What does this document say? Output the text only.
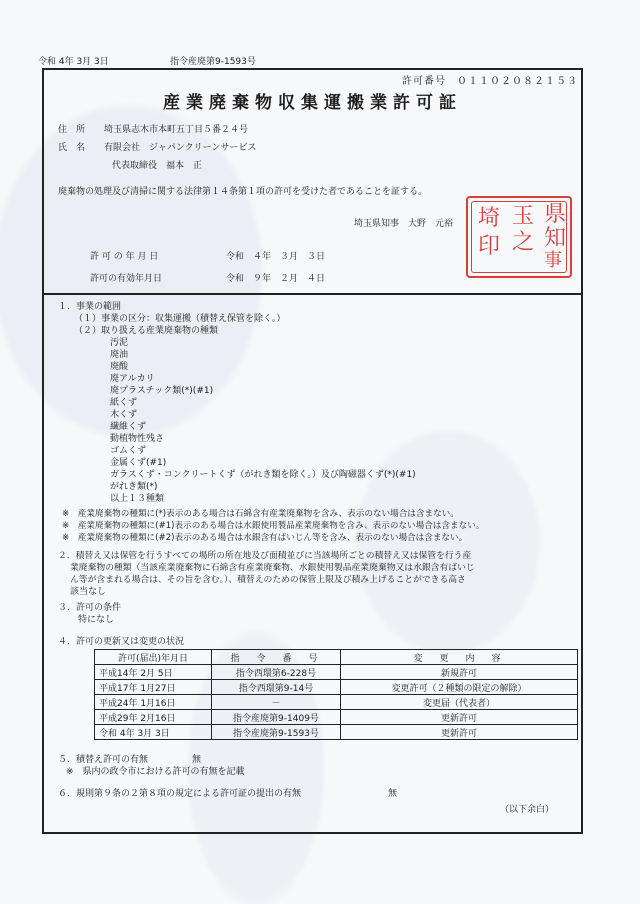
令和 4年 3月 3日	指令産廃第9-1593号
許可番号　０１１０２０８２１５３
産業廃棄物収集運搬業許可証
住　所 埼玉県志木市本町五丁目５番２４号
氏　名 有限会社　ジャパンクリーンサービス
代表取締役　福本　正
廃棄物の処理及び清掃に関する法律第１４条第１項の許可を受けた者であることを証する。
埼玉県知事　大野　元裕	県
知
事
玉
之
埼
印
許 可 の 年 月 日	令和　４年　３月　３日
許可の有効年月日	令和　９年　２月　４日
１．事業の範囲
（１）事業の区分：収集運搬（積替え保管を除く。）
（２）取り扱える産業廃棄物の種類
汚泥
廃油
廃酸
廃アルカリ
廃プラスチック類(*)(#1)
紙くず
木くず
繊維くず
動植物性残さ
ゴムくず
金属くず(#1)
ガラスくず・コンクリートくず（がれき類を除く。）及び陶磁器くず(*)(#1)
がれき類(*)
以上１３種類
※　産業廃棄物の種類に(*)表示のある場合は石綿含有産業廃棄物を含み、表示のない場合は含まない。
※　産業廃棄物の種類に(#1)表示のある場合は水銀使用製品産業廃棄物を含み、表示のない場合は含まない。
※　産業廃棄物の種類に(#2)表示のある場合は水銀含有ばいじん等を含み、表示のない場合は含まない。
２．積替え又は保管を行うすべての場所の所在地及び面積並びに当該場所ごとの積替え又は保管を行う産
業廃棄物の種類（当該産業廃棄物に石綿含有産業廃棄物、水銀使用製品産業廃棄物又は水銀含有ばいじ
ん等が含まれる場合は、その旨を含む。）、積替えのための保管上限及び積み上げることができる高さ
該当なし
３．許可の条件
特になし
４．許可の更新又は変更の状況
許可(届出)年月日	指　令　番　号	変　更　内　容
平成14年 2月 5日	指令西環第6-228号	新規許可
平成17年 1月27日	指令西環第9-14号	変更許可（２種類の限定の解除）
平成24年 1月16日	－	変更届（代表者）
平成29年 2月16日	指令産廃第9-1409号	更新許可
令和 4年 3月 3日	指令産廃第9-1593号	更新許可
５．積替え許可の有無	無
※　県内の政令市における許可の有無を記載
６．規則第９条の２第８項の規定による許可証の提出の有無	無
（以下余白）
